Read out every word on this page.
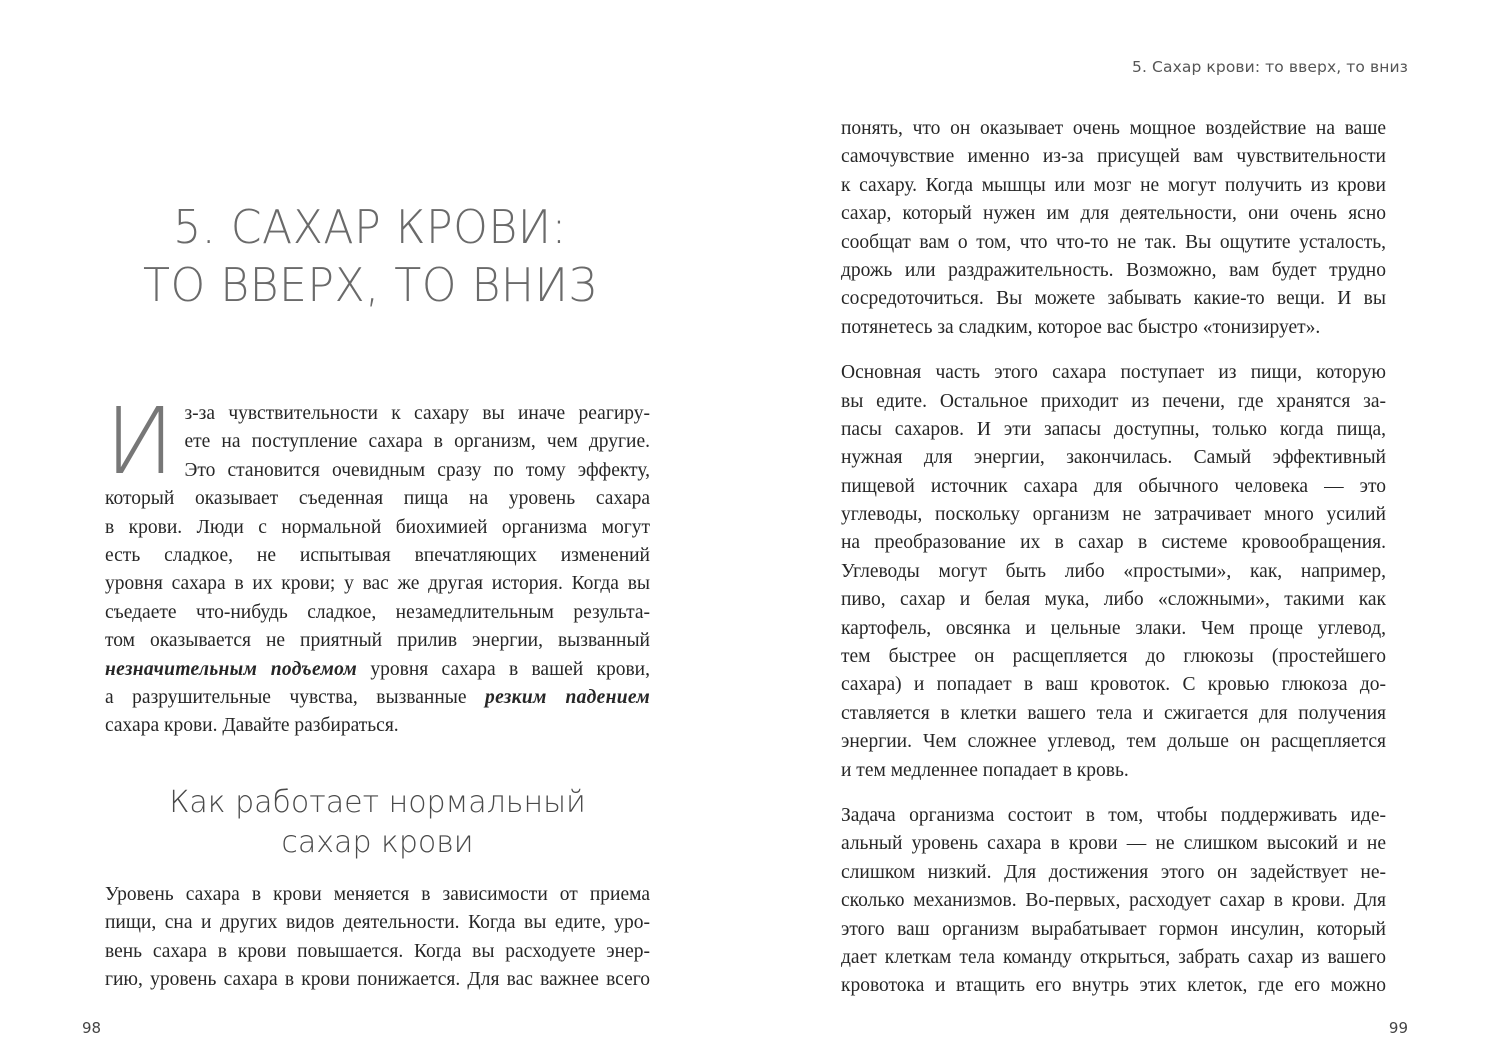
5. САХАР КРОВИ:
ТО ВВЕРХ, ТО ВНИЗ
И з-за чувствительности к сахару вы иначе реагиру-
ете на поступление сахара в организм, чем другие.
Это становится очевидным сразу по тому эффекту,
который оказывает съеденная пища на уровень сахара
в крови. Люди с нормальной биохимией организма могут
есть сладкое, не испытывая впечатляющих изменений
уровня сахара в их крови; у вас же другая история. Когда вы
съедаете что-нибудь сладкое, незамедлительным результа-
том оказывается не приятный прилив энергии, вызванный
незначительным подъемом уровня сахара в вашей крови,
а разрушительные чувства, вызванные резким падением
сахара крови. Давайте разбираться.
Как работает нормальный
сахар крови
Уровень сахара в крови меняется в зависимости от приема
пищи, сна и других видов деятельности. Когда вы едите, уро-
вень сахара в крови повышается. Когда вы расходуете энер-
гию, уровень сахара в крови понижается. Для вас важнее всего
98
5. Сахар крови: то вверх, то вниз

понять, что он оказывает очень мощное воздействие на ваше
самочувствие именно из-за присущей вам чувствительности
к сахару. Когда мышцы или мозг не могут получить из крови
сахар, который нужен им для деятельности, они очень ясно
сообщат вам о том, что что-то не так. Вы ощутите усталость,
дрожь или раздражительность. Возможно, вам будет трудно
сосредоточиться. Вы можете забывать какие-то вещи. И вы
потянетесь за сладким, которое вас быстро «тонизирует».

Основная часть этого сахара поступает из пищи, которую
вы едите. Остальное приходит из печени, где хранятся за-
пасы сахаров. И эти запасы доступны, только когда пища,
нужная для энергии, закончилась. Самый эффективный
пищевой источник сахара для обычного человека — это
углеводы, поскольку организм не затрачивает много усилий
на преобразование их в сахар в системе кровообращения.
Углеводы могут быть либо «простыми», как, например,
пиво, сахар и белая мука, либо «сложными», такими как
картофель, овсянка и цельные злаки. Чем проще углевод,
тем быстрее он расщепляется до глюкозы (простейшего
сахара) и попадает в ваш кровоток. С кровью глюкоза до-
ставляется в клетки вашего тела и сжигается для получения
энергии. Чем сложнее углевод, тем дольше он расщепляется
и тем медленнее попадает в кровь.

Задача организма состоит в том, чтобы поддерживать иде-
альный уровень сахара в крови — не слишком высокий и не
слишком низкий. Для достижения этого он задействует не-
сколько механизмов. Во-первых, расходует сахар в крови. Для
этого ваш организм вырабатывает гормон инсулин, который
дает клеткам тела команду открыться, забрать сахар из вашего
кровотока и втащить его внутрь этих клеток, где его можно

99
